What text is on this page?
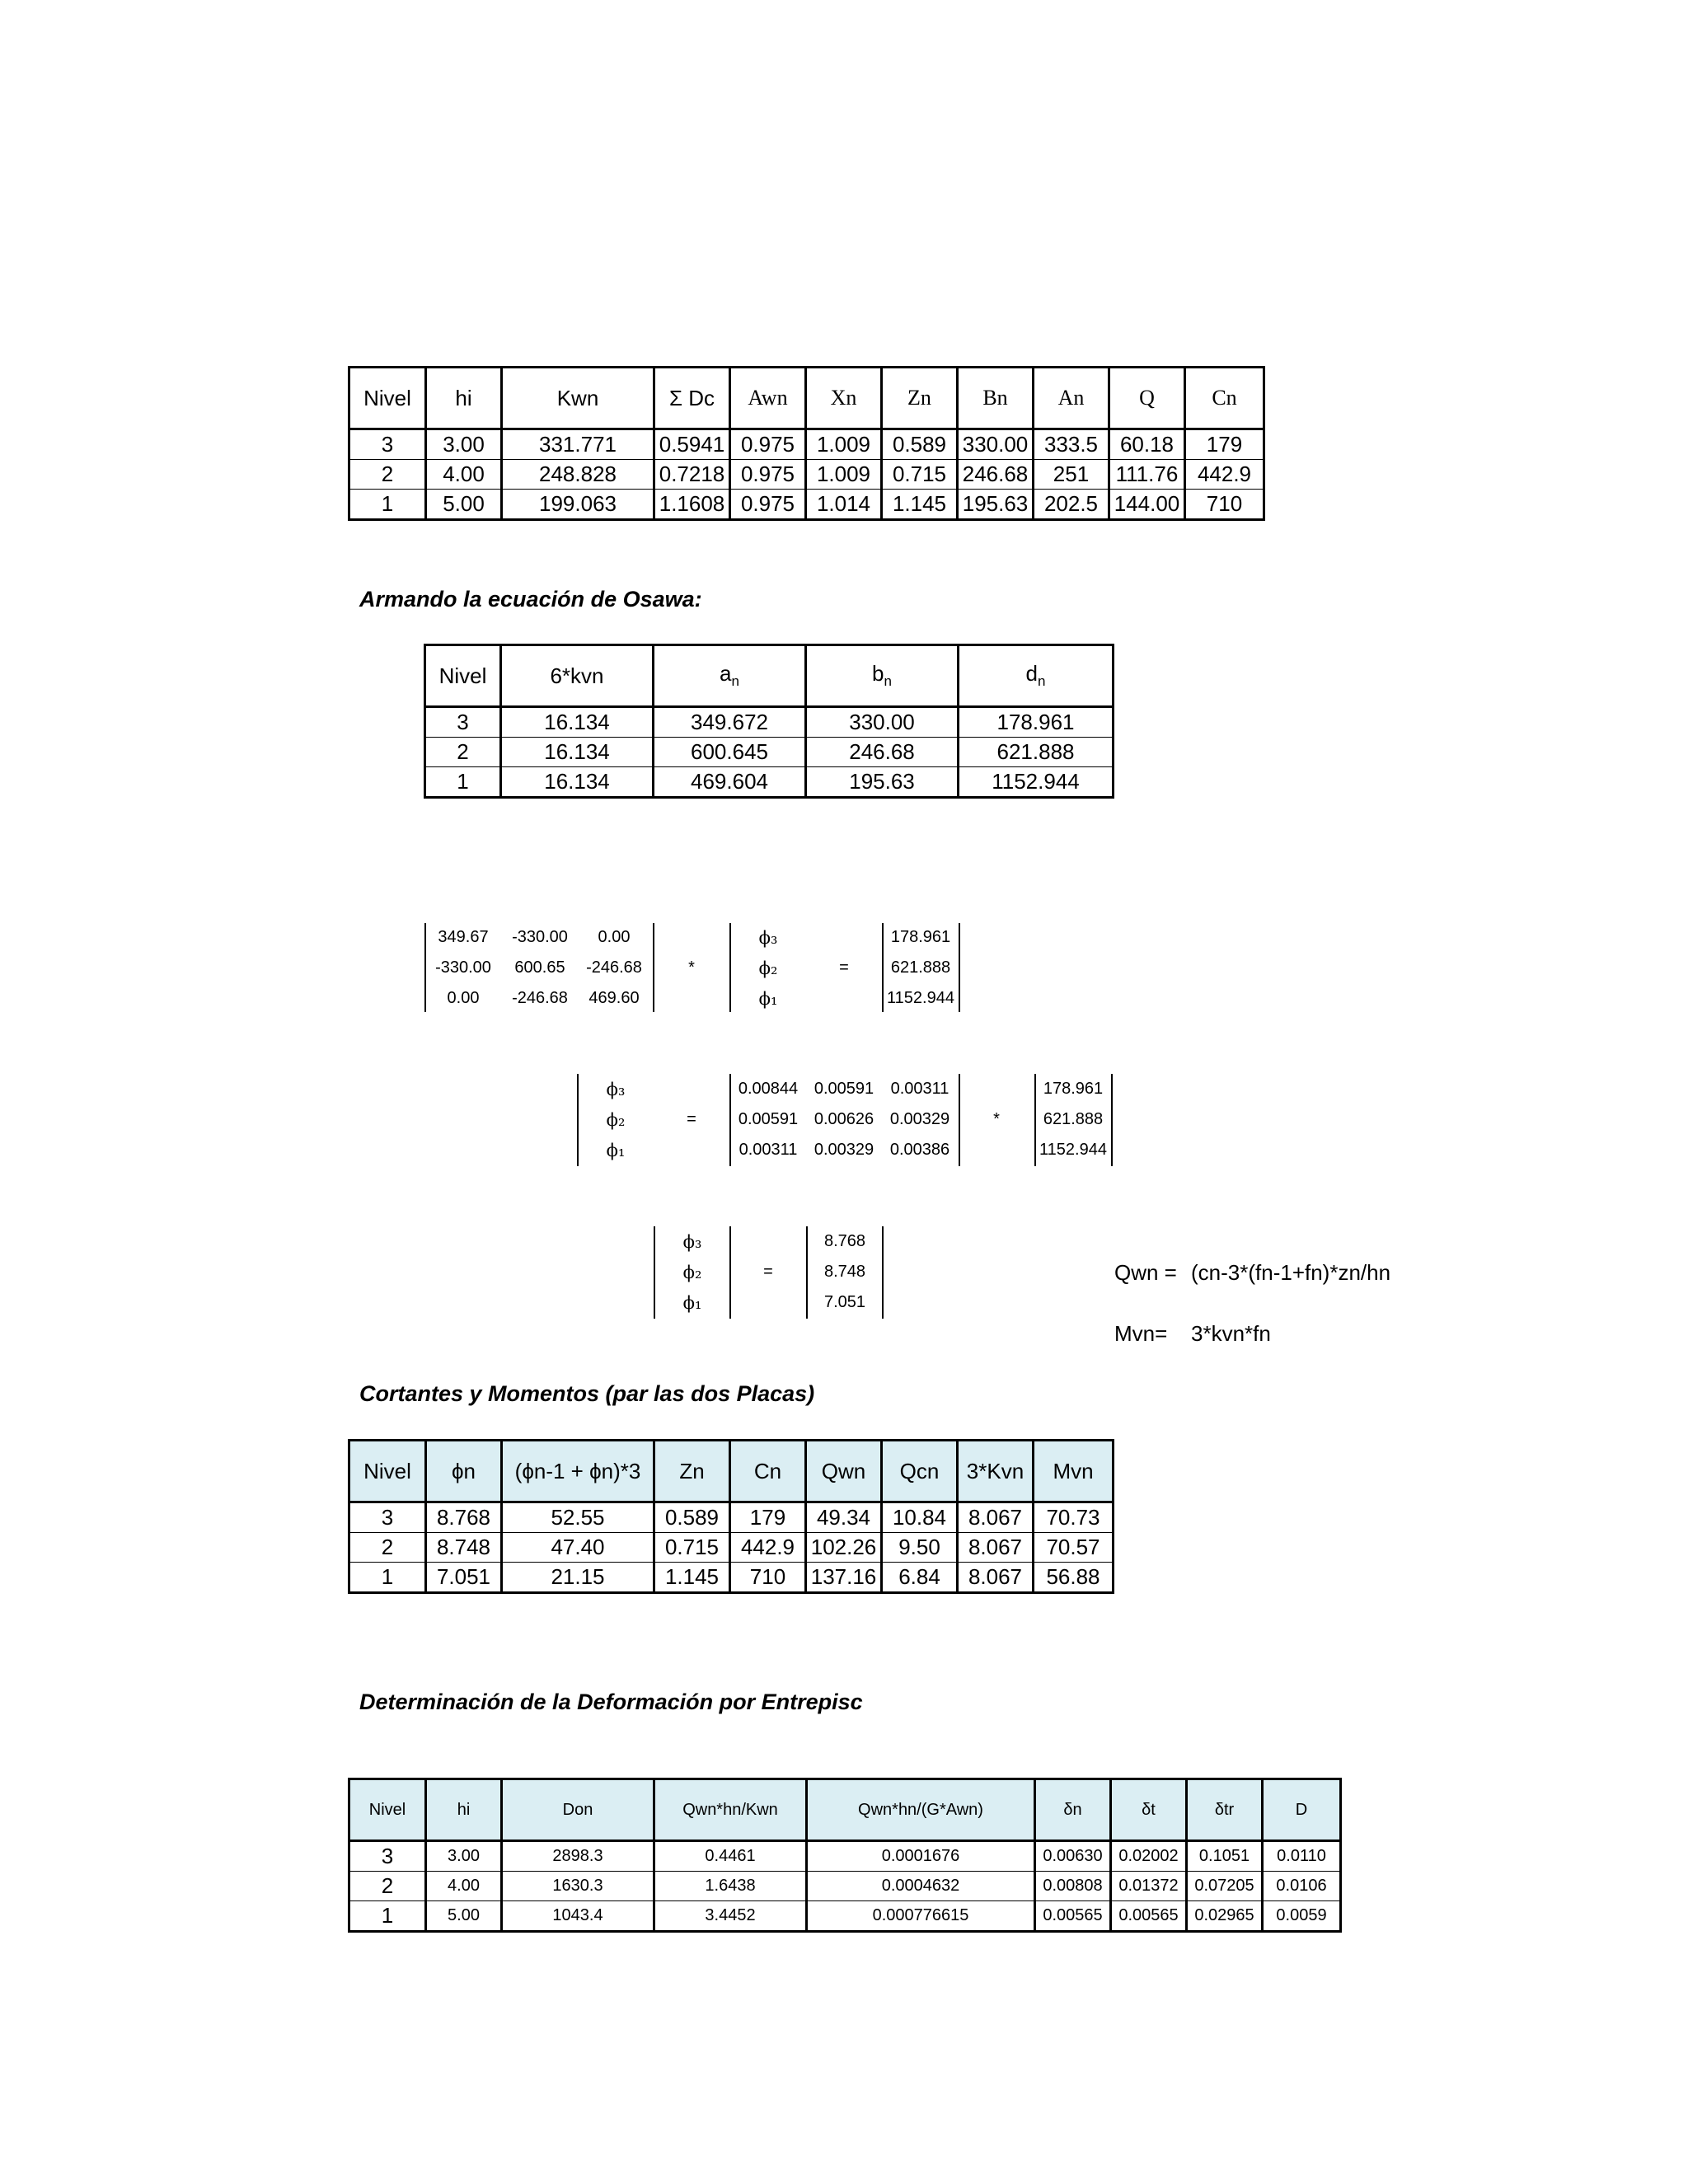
Nivel	hi	Kwn	Σ Dc	Awn	Xn	Zn	Bn	An	Q	Cn
3	3.00	331.771	0.5941	0.975	1.009	0.589	330.00	333.5	60.18	179
2	4.00	248.828	0.7218	0.975	1.009	0.715	246.68	251	111.76	442.9
1	5.00	199.063	1.1608	0.975	1.014	1.145	195.63	202.5	144.00	710
Armando la ecuación de Osawa:
Nivel	6*kvn	$a_n$	$b_n$	$d_n$
3	16.134	349.672	330.00	178.961
2	16.134	600.645	246.68	621.888
1	16.134	469.604	195.63	1152.944
349.67	-330.00	0.00
-330.00	600.65	-246.68
0.00	-246.68	469.60
*
ϕ₃
ϕ₂
ϕ₁
=
178.961
621.888
1152.944
ϕ₃
ϕ₂
ϕ₁
=
0.00844 0.00591	0.00311
0.00591 0.00626 0.00329
0.00311	0.00329 0.00386
*
178.961
621.888
1152.944
ϕ₃
ϕ₂
ϕ₁
=
8.768
8.748
7.051
Qwn = (cn-3*(fn-1+fn)*zn/hn
Mvn= 3*kvn*fn
Cortantes y Momentos (par las dos Placas)
Nivel	ϕn	(ϕn-1 + ϕn)*3	Zn	Cn	Qwn	Qcn	3*Kvn	Mvn
3	8.768	52.55	0.589	179	49.34	10.84	8.067	70.73
2	8.748	47.40	0.715	442.9	102.26	9.50	8.067	70.57
1	7.051	21.15	1.145	710	137.16	6.84	8.067	56.88
Determinación de la Deformación por Entrepisc
Nivel	hi	Don	Qwn*hn/Kwn	Qwn*hn/(G*Awn)	δn	δt	δtr	D
3	3.00	2898.3	0.4461	0.0001676	0.00630	0.02002	0.1051	0.0110
2	4.00	1630.3	1.6438	0.0004632	0.00808	0.01372	0.07205	0.0106
1	5.00	1043.4	3.4452	0.000776615	0.00565	0.00565	0.02965	0.0059
